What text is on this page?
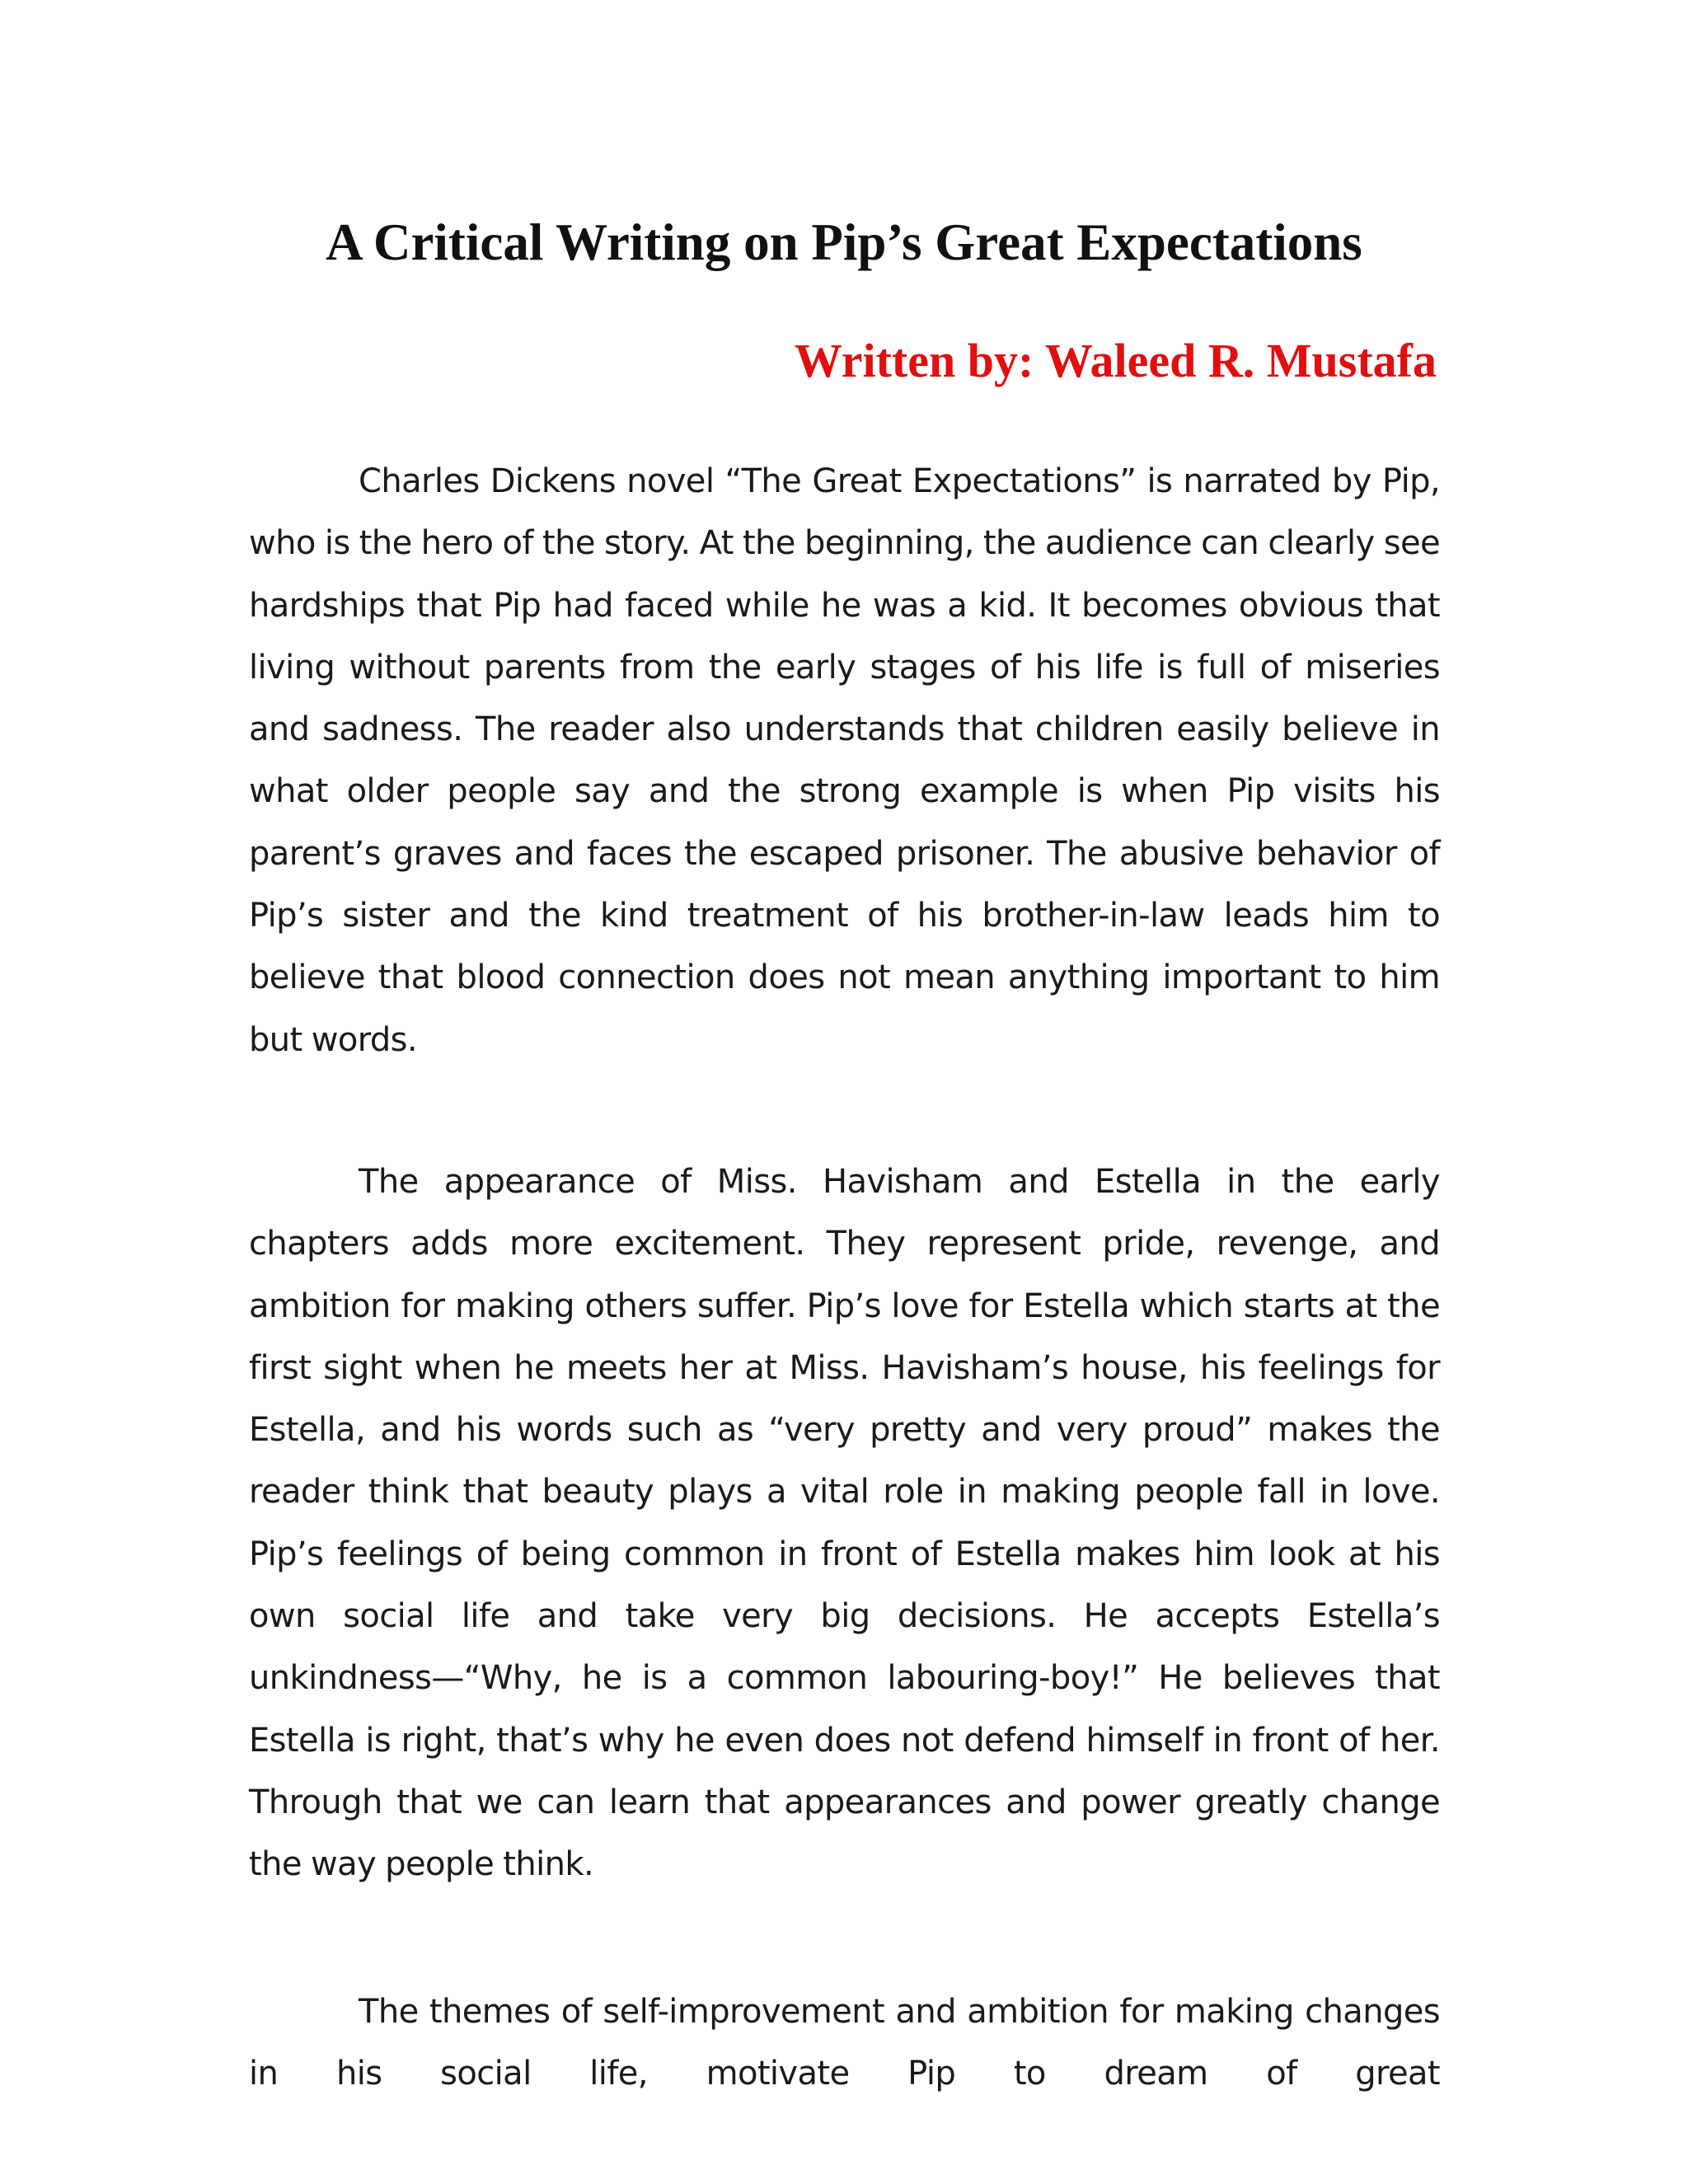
A Critical Writing on Pip’s Great Expectations
Written by: Waleed R. Mustafa

Charles Dickens novel “The Great Expectations” is narrated by Pip, who is the hero of the story. At the beginning, the audience can clearly see hardships that Pip had faced while he was a kid. It becomes obvious that living without parents from the early stages of his life is full of miseries and sadness. The reader also understands that children easily believe in what older people say and the strong example is when Pip visits his parent’s graves and faces the escaped prisoner. The abusive behavior of Pip’s sister and the kind treatment of his brother-in-law leads him to believe that blood connection does not mean anything important to him but words.

The appearance of Miss. Havisham and Estella in the early chapters adds more excitement. They represent pride, revenge, and ambition for making others suffer. Pip’s love for Estella which starts at the first sight when he meets her at Miss. Havisham’s house, his feelings for Estella, and his words such as “very pretty and very proud” makes the reader think that beauty plays a vital role in making people fall in love. Pip’s feelings of being common in front of Estella makes him look at his own social life and take very big decisions. He accepts Estella’s unkindness—“Why, he is a common labouring-boy!” He believes that Estella is right, that’s why he even does not defend himself in front of her. Through that we can learn that appearances and power greatly change the way people think.

The themes of self-improvement and ambition for making changes in his social life, motivate Pip to dream of great
